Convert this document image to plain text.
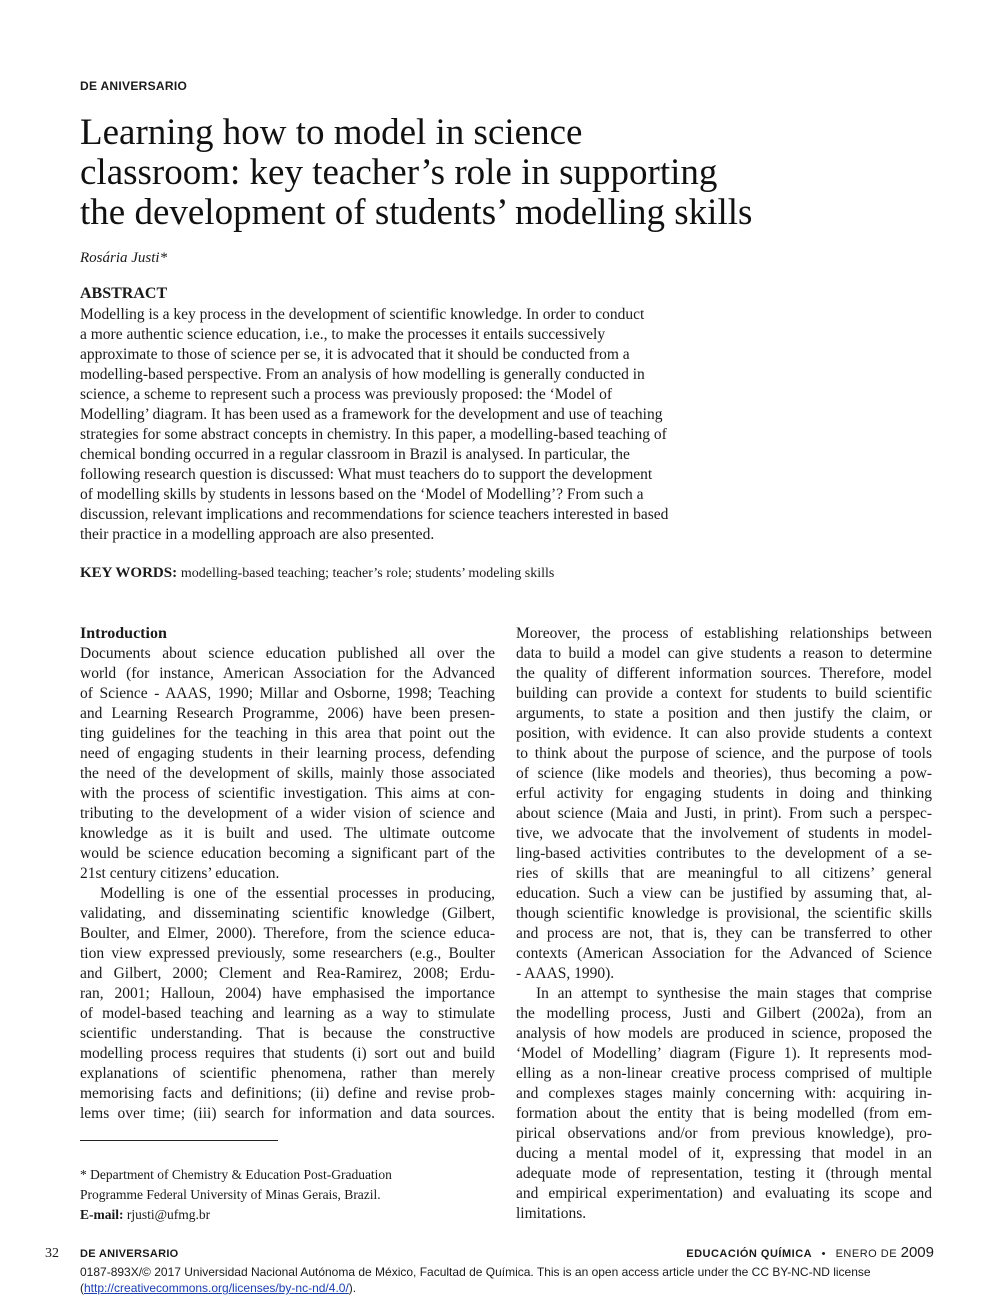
DE ANIVERSARIO
Learning how to model in science
classroom: key teacher’s role in supporting
the development of students’ modelling skills
Rosária Justi*
ABSTRACT
Modelling is a key process in the development of scientific knowledge. In order to conduct
a more authentic science education, i.e., to make the processes it entails successively
approximate to those of science per se, it is advocated that it should be conducted from a
modelling-based perspective. From an analysis of how modelling is generally conducted in
science, a scheme to represent such a process was previously proposed: the ‘Model of
Modelling’ diagram. It has been used as a framework for the development and use of teaching
strategies for some abstract concepts in chemistry. In this paper, a modelling-based teaching of
chemical bonding occurred in a regular classroom in Brazil is analysed. In particular, the
following research question is discussed: What must teachers do to support the development
of modelling skills by students in lessons based on the ‘Model of Modelling’? From such a
discussion, relevant implications and recommendations for science teachers interested in based
their practice in a modelling approach are also presented.
KEY WORDS: modelling-based teaching; teacher’s role; students’ modeling skills
Introduction
Documents about science education published all over the
world (for instance, American Association for the Advanced
of Science - AAAS, 1990; Millar and Osborne, 1998; Teaching
and Learning Research Programme, 2006) have been presen-
ting guidelines for the teaching in this area that point out the
need of engaging students in their learning process, defending
the need of the development of skills, mainly those associated
with the process of scientific investigation. This aims at con-
tributing to the development of a wider vision of science and
knowledge as it is built and used. The ultimate outcome
would be science education becoming a significant part of the
21st century citizens’ education.
Modelling is one of the essential processes in producing,
validating, and disseminating scientific knowledge (Gilbert,
Boulter, and Elmer, 2000). Therefore, from the science educa-
tion view expressed previously, some researchers (e.g., Boulter
and Gilbert, 2000; Clement and Rea-Ramirez, 2008; Erdu-
ran, 2001; Halloun, 2004) have emphasised the importance
of model-based teaching and learning as a way to stimulate
scientific understanding. That is because the constructive
modelling process requires that students (i) sort out and build
explanations of scientific phenomena, rather than merely
memorising facts and definitions; (ii) define and revise prob-
lems over time; (iii) search for information and data sources.
Moreover, the process of establishing relationships between
data to build a model can give students a reason to determine
the quality of different information sources. Therefore, model
building can provide a context for students to build scientific
arguments, to state a position and then justify the claim, or
position, with evidence. It can also provide students a context
to think about the purpose of science, and the purpose of tools
of science (like models and theories), thus becoming a pow-
erful activity for engaging students in doing and thinking
about science (Maia and Justi, in print). From such a perspec-
tive, we advocate that the involvement of students in model-
ling-based activities contributes to the development of a se-
ries of skills that are meaningful to all citizens’ general
education. Such a view can be justified by assuming that, al-
though scientific knowledge is provisional, the scientific skills
and process are not, that is, they can be transferred to other
contexts (American Association for the Advanced of Science
- AAAS, 1990).
In an attempt to synthesise the main stages that comprise
the modelling process, Justi and Gilbert (2002a), from an
analysis of how models are produced in science, proposed the
‘Model of Modelling’ diagram (Figure 1). It represents mod-
elling as a non-linear creative process comprised of multiple
and complexes stages mainly concerning with: acquiring in-
formation about the entity that is being modelled (from em-
pirical observations and/or from previous knowledge), pro-
ducing a mental model of it, expressing that model in an
adequate mode of representation, testing it (through mental
and empirical experimentation) and evaluating its scope and
limitations.
* Department of Chemistry & Education Post-Graduation
Programme Federal University of Minas Gerais, Brazil.
E-mail: rjusti@ufmg.br
32 DE ANIVERSARIO	EDUCACIÓN QUÍMICA • ENERO DE 2009
0187-893X/© 2017 Universidad Nacional Autónoma de México, Facultad de Química. This is an open access article under the CC BY-NC-ND license
(http://creativecommons.org/licenses/by-nc-nd/4.0/).
